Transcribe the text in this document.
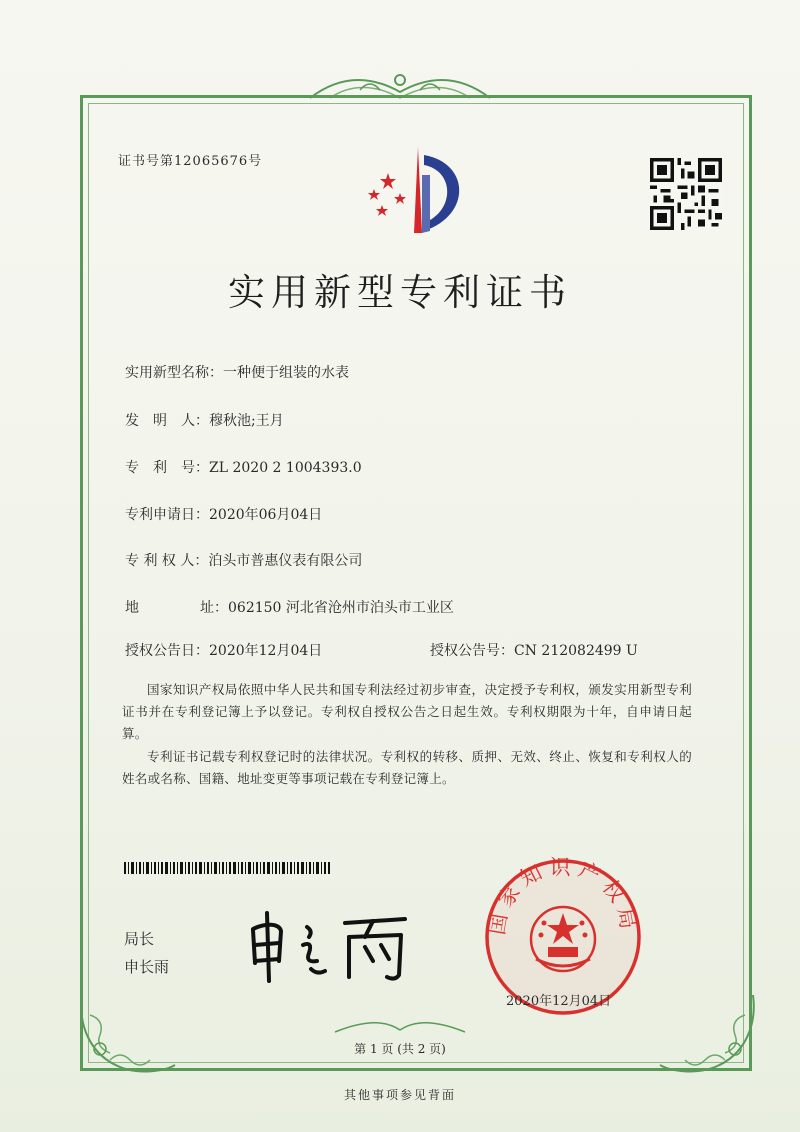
证书号第12065676号
实用新型专利证书
实用新型名称：一种便于组装的水表
发　明　人：穆秋池;王月
专　利　号：ZL 2020 2 1004393.0
专利申请日：2020年06月04日
专 利 权 人：泊头市普惠仪表有限公司
地	址：062150 河北省沧州市泊头市工业区
授权公告日：2020年12月04日	授权公告号：CN 212082499 U
国家知识产权局依照中华人民共和国专利法经过初步审查，决定授予专利权，颁发实用新型专利证书并在专利登记簿上予以登记。专利权自授权公告之日起生效。专利权期限为十年，自申请日起算。
专利证书记载专利权登记时的法律状况。专利权的转移、质押、无效、终止、恢复和专利权人的姓名或名称、国籍、地址变更等事项记载在专利登记簿上。
局长
申长雨
国家知识产权局
2020年12月04日
第 1 页 (共 2 页)
其他事项参见背面
